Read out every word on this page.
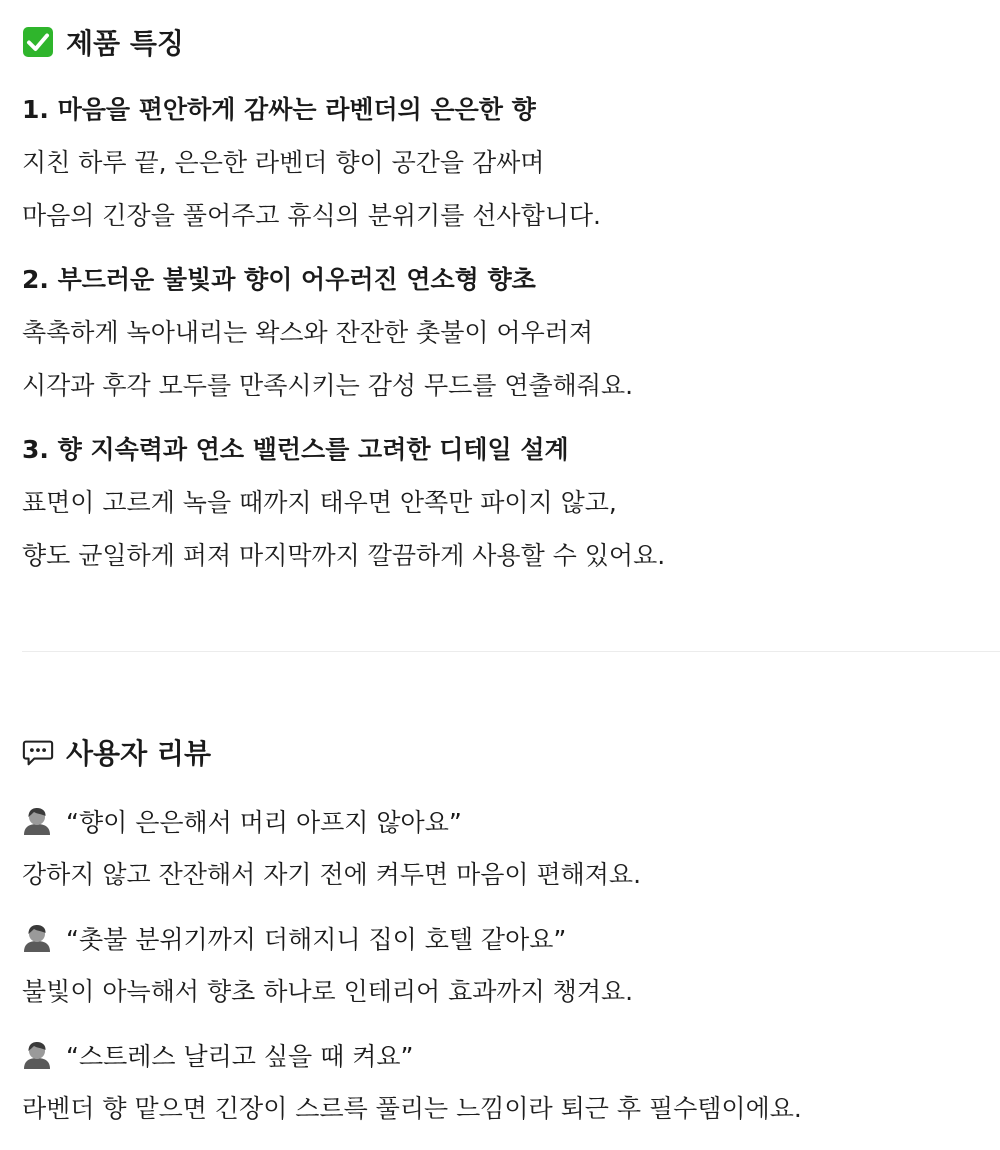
제품 특징
1. 마음을 편안하게 감싸는 라벤더의 은은한 향
지친 하루 끝, 은은한 라벤더 향이 공간을 감싸며
마음의 긴장을 풀어주고 휴식의 분위기를 선사합니다.
2. 부드러운 불빛과 향이 어우러진 연소형 향초
촉촉하게 녹아내리는 왁스와 잔잔한 촛불이 어우러져
시각과 후각 모두를 만족시키는 감성 무드를 연출해줘요.
3. 향 지속력과 연소 밸런스를 고려한 디테일 설계
표면이 고르게 녹을 때까지 태우면 안쪽만 파이지 않고,
향도 균일하게 퍼져 마지막까지 깔끔하게 사용할 수 있어요.
사용자 리뷰
“향이 은은해서 머리 아프지 않아요”
강하지 않고 잔잔해서 자기 전에 켜두면 마음이 편해져요.
“촛불 분위기까지 더해지니 집이 호텔 같아요”
불빛이 아늑해서 향초 하나로 인테리어 효과까지 챙겨요.
“스트레스 날리고 싶을 때 켜요”
라벤더 향 맡으면 긴장이 스르륵 풀리는 느낌이라 퇴근 후 필수템이에요.
